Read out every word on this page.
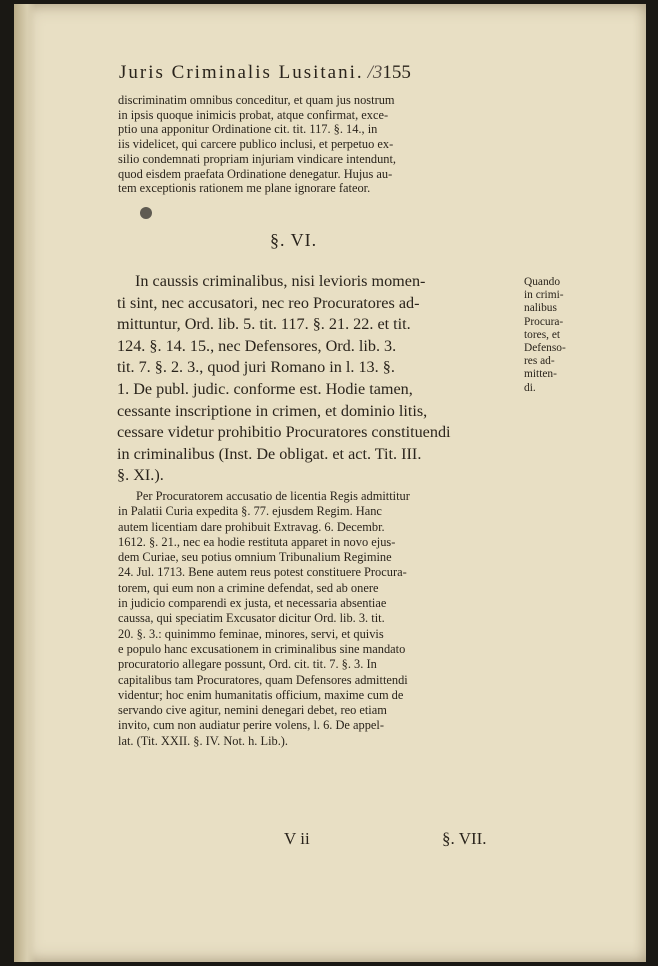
Juris Criminalis Lusitani. /3155

discriminatim omnibus conceditur, et quam jus nostrum

in ipsis quoque inimicis probat, atque confirmat, exce-

ptio una apponitur Ordinatione cit. tit. 117. §. 14., in

iis videlicet, qui carcere publico inclusi, et perpetuo ex-

silio condemnati propriam injuriam vindicare intendunt,

quod eisdem praefata Ordinatione denegatur. Hujus au-

tem exceptionis rationem me plane ignorare fateor.

§. VI.

In caussis criminalibus, nisi levioris momen-

ti sint, nec accusatori, nec reo Procuratores ad-

mittuntur, Ord. lib. 5. tit. 117. §. 21. 22. et tit.

124. §. 14. 15., nec Defensores, Ord. lib. 3.

tit. 7. §. 2. 3., quod juri Romano in l. 13. §.

1. De publ. judic. conforme est. Hodie tamen,

cessante inscriptione in crimen, et dominio litis,

cessare videtur prohibitio Procuratores constituendi

in criminalibus (Inst. De obligat. et act. Tit. III.

§. XI.).

Quando
in crimi-
nalibus
Procura-
tores, et
Defenso-
res ad-
mitten-
di.

Per Procuratorem accusatio de licentia Regis admittitur

in Palatii Curia expedita §. 77. ejusdem Regim. Hanc

autem licentiam dare prohibuit Extravag. 6. Decembr.

1612. §. 21., nec ea hodie restituta apparet in novo ejus-

dem Curiae, seu potius omnium Tribunalium Regimine

24. Jul. 1713. Bene autem reus potest constituere Procura-

torem, qui eum non a crimine defendat, sed ab onere

in judicio comparendi ex justa, et necessaria absentiae

caussa, qui speciatim Excusator dicitur Ord. lib. 3. tit.

20. §. 3.: quinimmo feminae, minores, servi, et quivis

e populo hanc excusationem in criminalibus sine mandato

procuratorio allegare possunt, Ord. cit. tit. 7. §. 3. In

capitalibus tam Procuratores, quam Defensores admittendi

videntur; hoc enim humanitatis officium, maxime cum de

servando cive agitur, nemini denegari debet, reo etiam

invito, cum non audiatur perire volens, l. 6. De appel-

lat. (Tit. XXII. §. IV. Not. h. Lib.).

V ii	§. VII.
